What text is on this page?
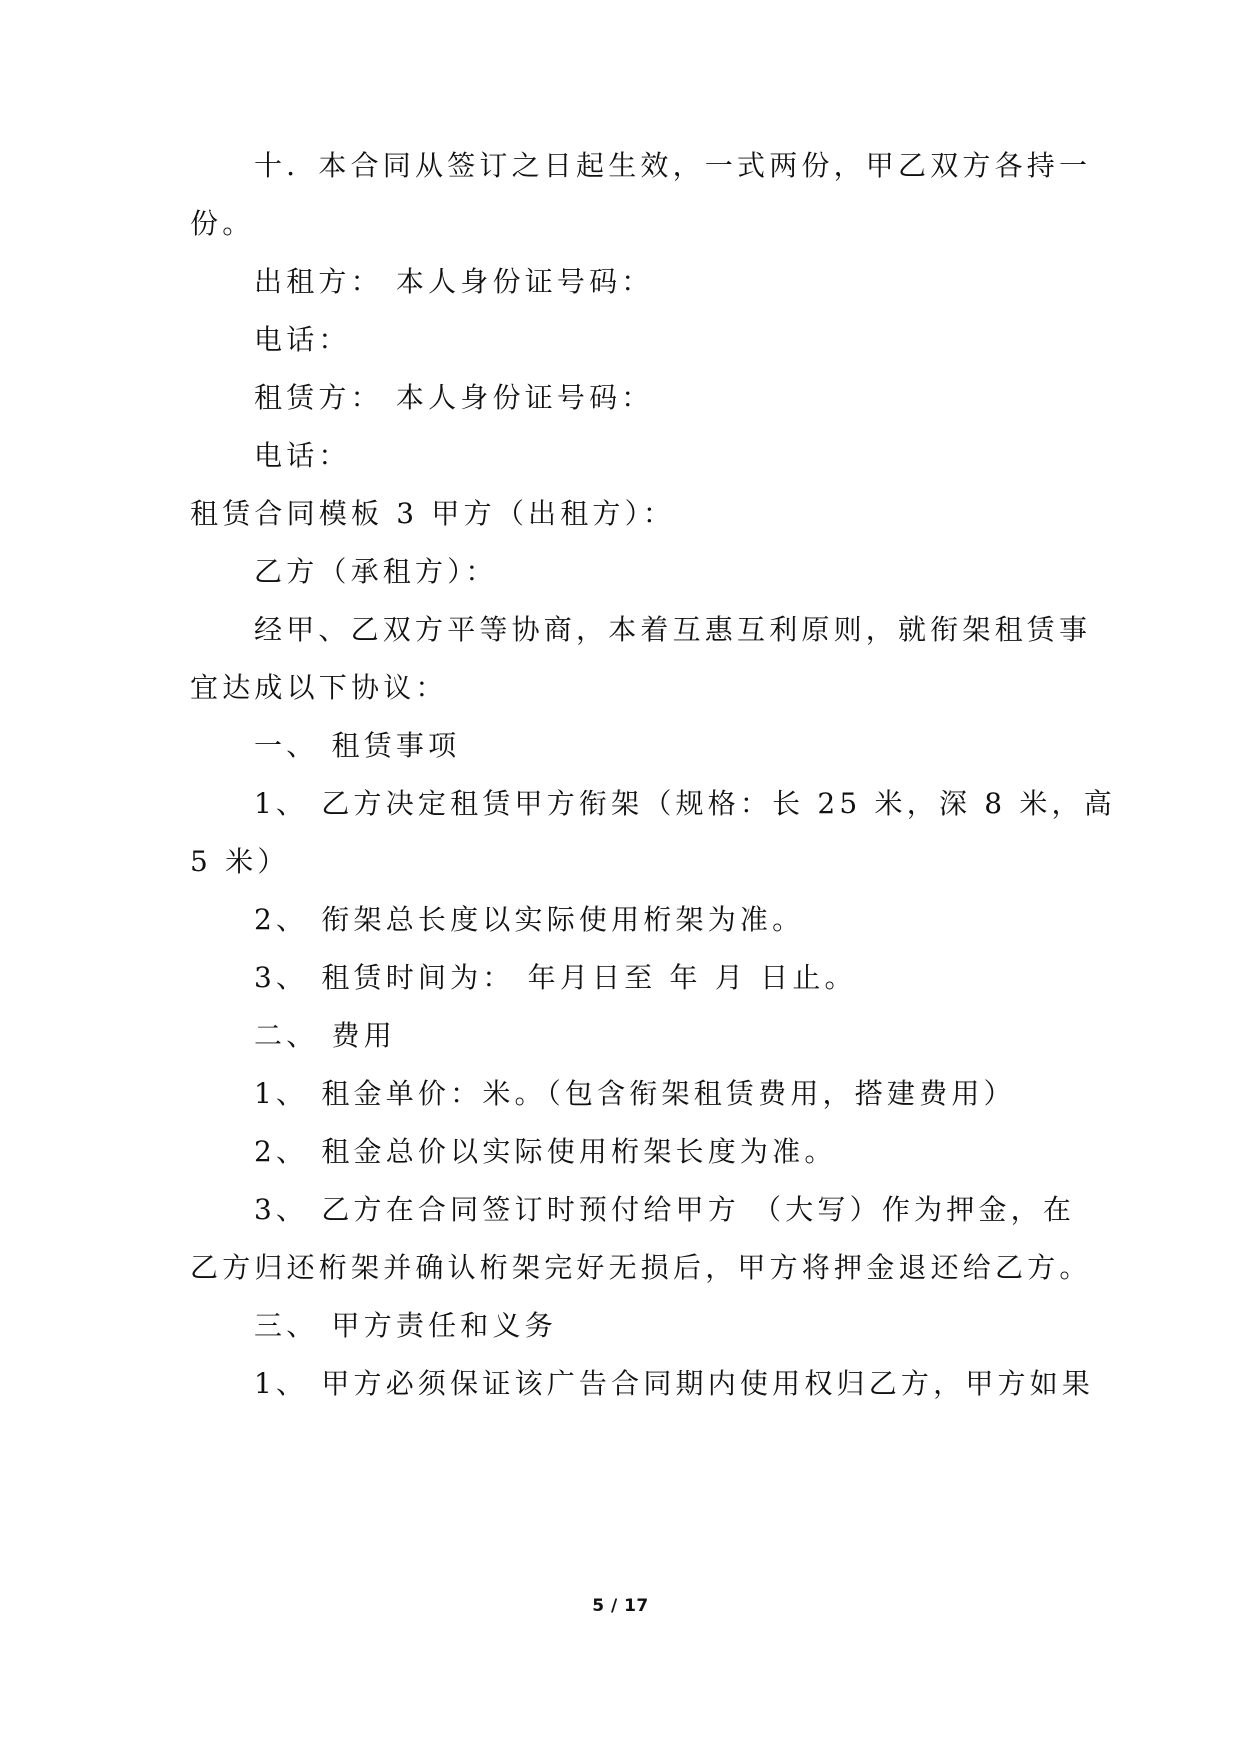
十．本合同从签订之日起生效，一式两份，甲乙双方各持一
份。
出租方： 本人身份证号码：
电话：
租赁方： 本人身份证号码：
电话：
租赁合同模板 3 甲方（出租方）：
乙方（承租方）：
经甲、乙双方平等协商，本着互惠互利原则，就衔架租赁事
宜达成以下协议：
一、 租赁事项
1、 乙方决定租赁甲方衔架（规格：长 25 米，深 8 米，高
5 米）
2、 衔架总长度以实际使用桁架为准。
3、 租赁时间为： 年月日至 年 月 日止。
二、 费用
1、 租金单价：米。（包含衔架租赁费用，搭建费用）
2、 租金总价以实际使用桁架长度为准。
3、 乙方在合同签订时预付给甲方 （大写）作为押金，在
乙方归还桁架并确认桁架完好无损后，甲方将押金退还给乙方。
三、 甲方责任和义务
1、 甲方必须保证该广告合同期内使用权归乙方，甲方如果
5 / 17
